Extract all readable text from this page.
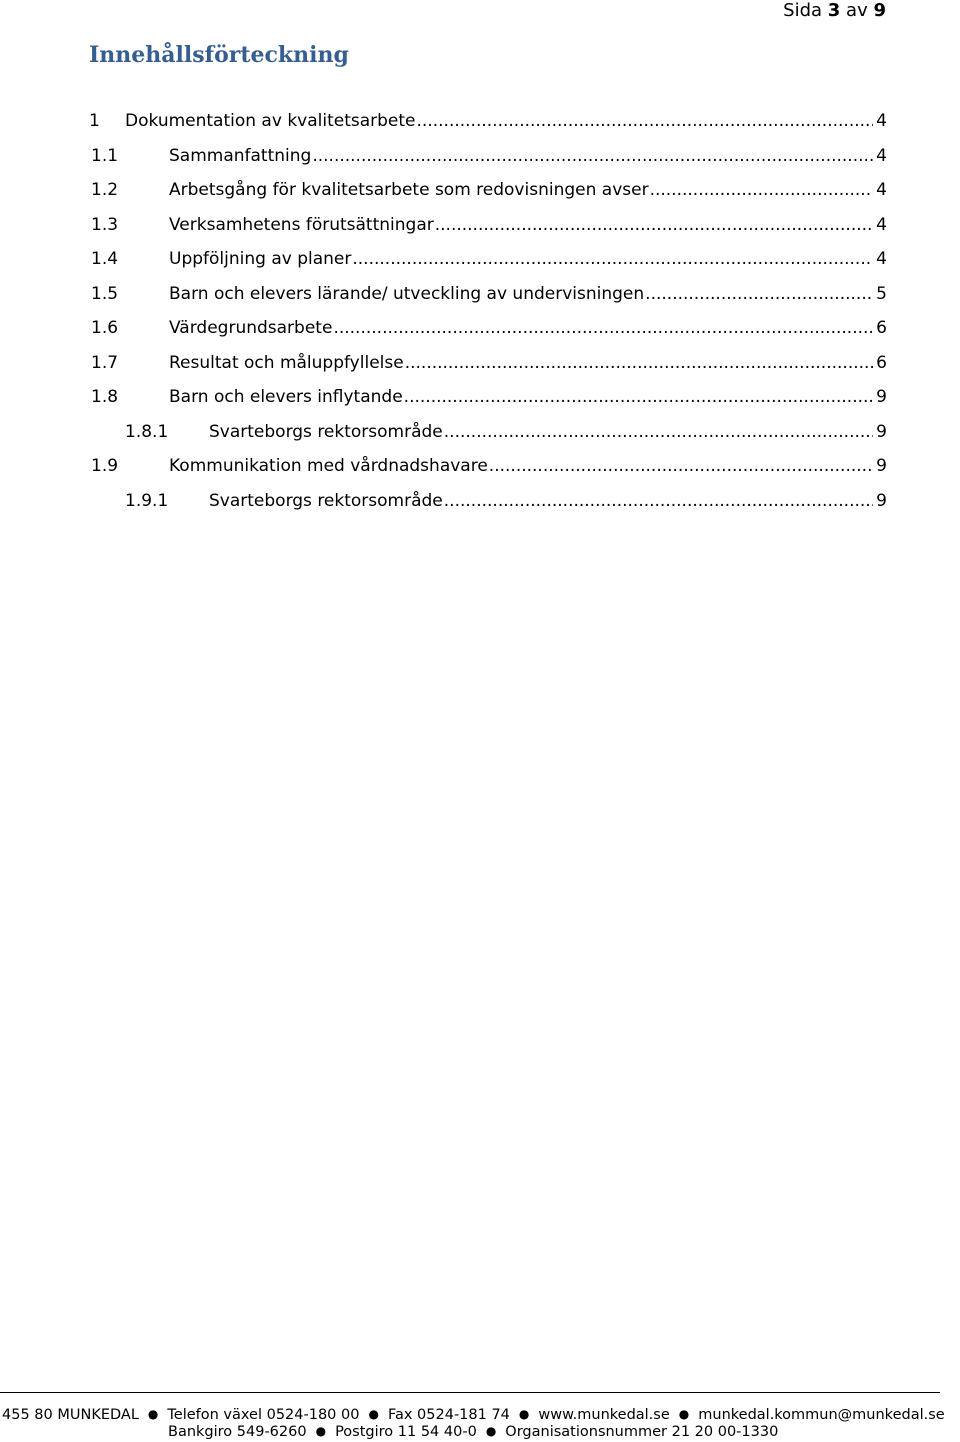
Sida 3 av 9
Innehållsförteckning
1	Dokumentation av kvalitetsarbete .....	4
1.1	Sammanfattning .....	4
1.2	Arbetsgång för kvalitetsarbete som redovisningen avser .....	4
1.3	Verksamhetens förutsättningar .....	4
1.4	Uppföljning av planer .....	4
1.5	Barn och elevers lärande/ utveckling av undervisningen .....	5
1.6	Värdegrundsarbete .....	6
1.7	Resultat och måluppfyllelse .....	6
1.8	Barn och elevers inflytande .....	9
1.8.1	Svarteborgs rektorsområde .....	9
1.9	Kommunikation med vårdnadshavare .....	9
1.9.1	Svarteborgs rektorsområde .....	9
455 80 MUNKEDAL ● Telefon växel 0524-180 00 ● Fax 0524-181 74 ● www.munkedal.se ● munkedal.kommun@munkedal.se
Bankgiro 549-6260 ● Postgiro 11 54 40-0 ● Organisationsnummer 21 20 00-1330
